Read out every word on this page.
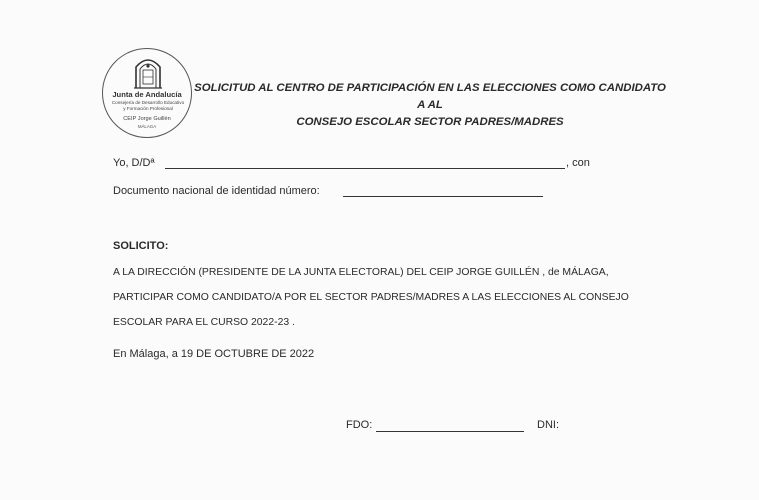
Junta de Andalucía
Consejería de Desarrollo Educativo
y Formación Profesional
CEIP Jorge Guillén
MÁLAGA
SOLICITUD AL CENTRO DE PARTICIPACIÓN EN LAS ELECCIONES COMO CANDIDATO A AL
CONSEJO ESCOLAR SECTOR PADRES/MADRES
Yo, D/Dª	, con
Documento nacional de identidad número:
SOLICITO:
A LA DIRECCIÓN (PRESIDENTE DE LA JUNTA ELECTORAL) DEL CEIP JORGE GUILLÉN , de MÁLAGA,
PARTICIPAR COMO CANDIDATO/A POR EL SECTOR PADRES/MADRES A LAS ELECCIONES AL CONSEJO
ESCOLAR PARA EL CURSO 2022-23 .
En Málaga, a 19 DE OCTUBRE DE 2022
FDO:	DNI:
